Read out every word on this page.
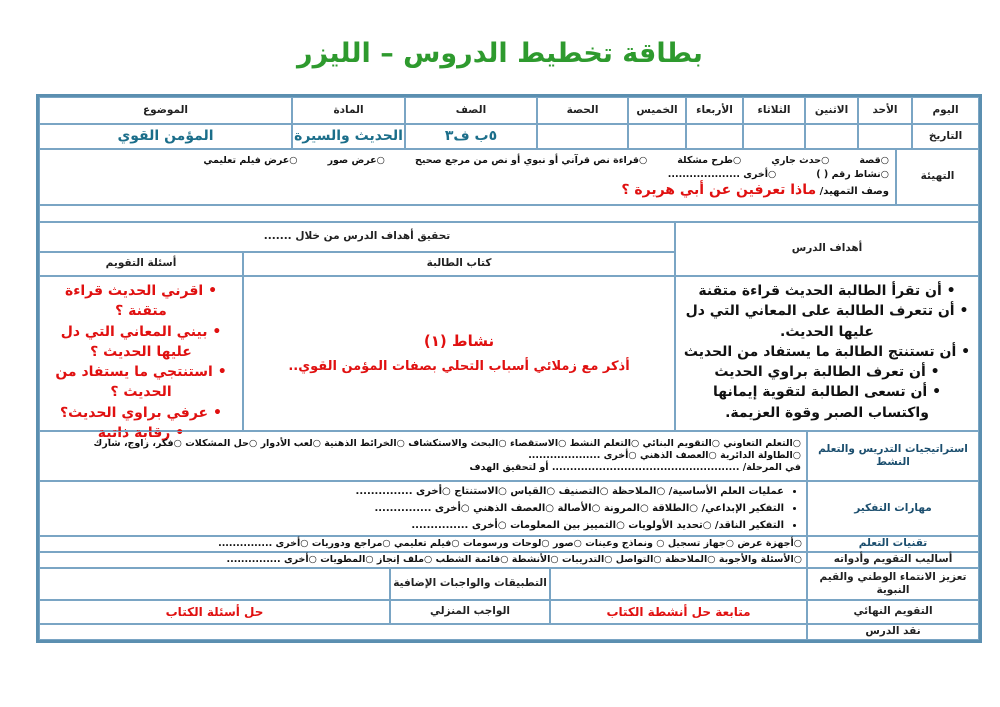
بطاقة تخطيط الدروس – الليزر
اليوم
الأحد
الاثنين
الثلاثاء
الأربعاء
الخميس
الحصة
الصف
المادة
الموضوع
التاريخ
٥ب ف٣
الحديث والسيرة
المؤمن القوي
التهيئة
○قصة
○حدث جاري
○طرح مشكلة
○قراءة نص قرآني أو نبوي أو نص من مرجع صحيح
○عرض صور
○عرض فيلم تعليمي
○نشاط رقم ( )
○أخرى ....................
وصف التمهيد/ ماذا تعرفين عن أبي هريرة ؟
أهداف الدرس
تحقيق أهداف الدرس من خلال .......
كتاب الطالبة
أسئلة التقويم
• أن تقرأ الطالبة الحديث قراءة متقنة
• أن تتعرف الطالبة على المعاني التي دل عليها الحديث.
• أن تستنتج الطالبة ما يستفاد من الحديث
• أن تعرف الطالبة براوي الحديث
• أن تسعى الطالبة لتقوية إيمانها واكتساب الصبر وقوة العزيمة.
نشاط (١)
أذكر مع زملائي أسباب التحلي بصفات المؤمن القوي..
• اقرني الحديث قراءة متقنة ؟
• بيني المعاني التي دل عليها الحديث ؟
• استنتجي ما يستفاد من الحديث ؟
• عرفي براوي الحديث؟
• رقابة ذاتية
استراتيجيات التدريس والتعلم النشط
○التعلم التعاوني ○التقويم البنائي ○التعلم النشط ○الاستقصاء ○البحث والاستكشاف ○الخرائط الذهنية ○لعب الأدوار ○حل المشكلات ○فكر، زاوج، شارك
○الطاولة الدائرية ○العصف الذهني ○أخرى ....................
في المرحلة/ .................................................... أو لتحقيق الهدف
مهارات التفكير
• عمليات العلم الأساسية/ ○الملاحظة ○التصنيف ○القياس ○الاستنتاج ○أخرى ...............
• التفكير الإبداعي/ ○الطلاقة ○المرونة ○الأصالة ○العصف الذهني ○أخرى ...............
• التفكير الناقد/ ○تحديد الأولويات ○التمييز بين المعلومات ○أخرى ...............
تقنيات التعلم
○أجهزة عرض ○جهاز تسجيل ○ ونماذج وعينات ○صور ○لوحات ورسومات ○فيلم تعليمي ○مراجع ودوريات ○أخرى ...............
أساليب التقويم وأدواته
○الأسئلة والأجوبة ○الملاحظة ○التواصل ○التدريبات ○الأنشطة ○قائمة الشطب ○ملف إنجاز ○المطويات ○أخرى ...............
تعزيز الانتماء الوطني والقيم النبوية
التطبيقات والواجبات الإضافية
التقويم النهائي
متابعة حل أنشطة الكتاب
الواجب المنزلي
حل أسئلة الكتاب
نقد الدرس
